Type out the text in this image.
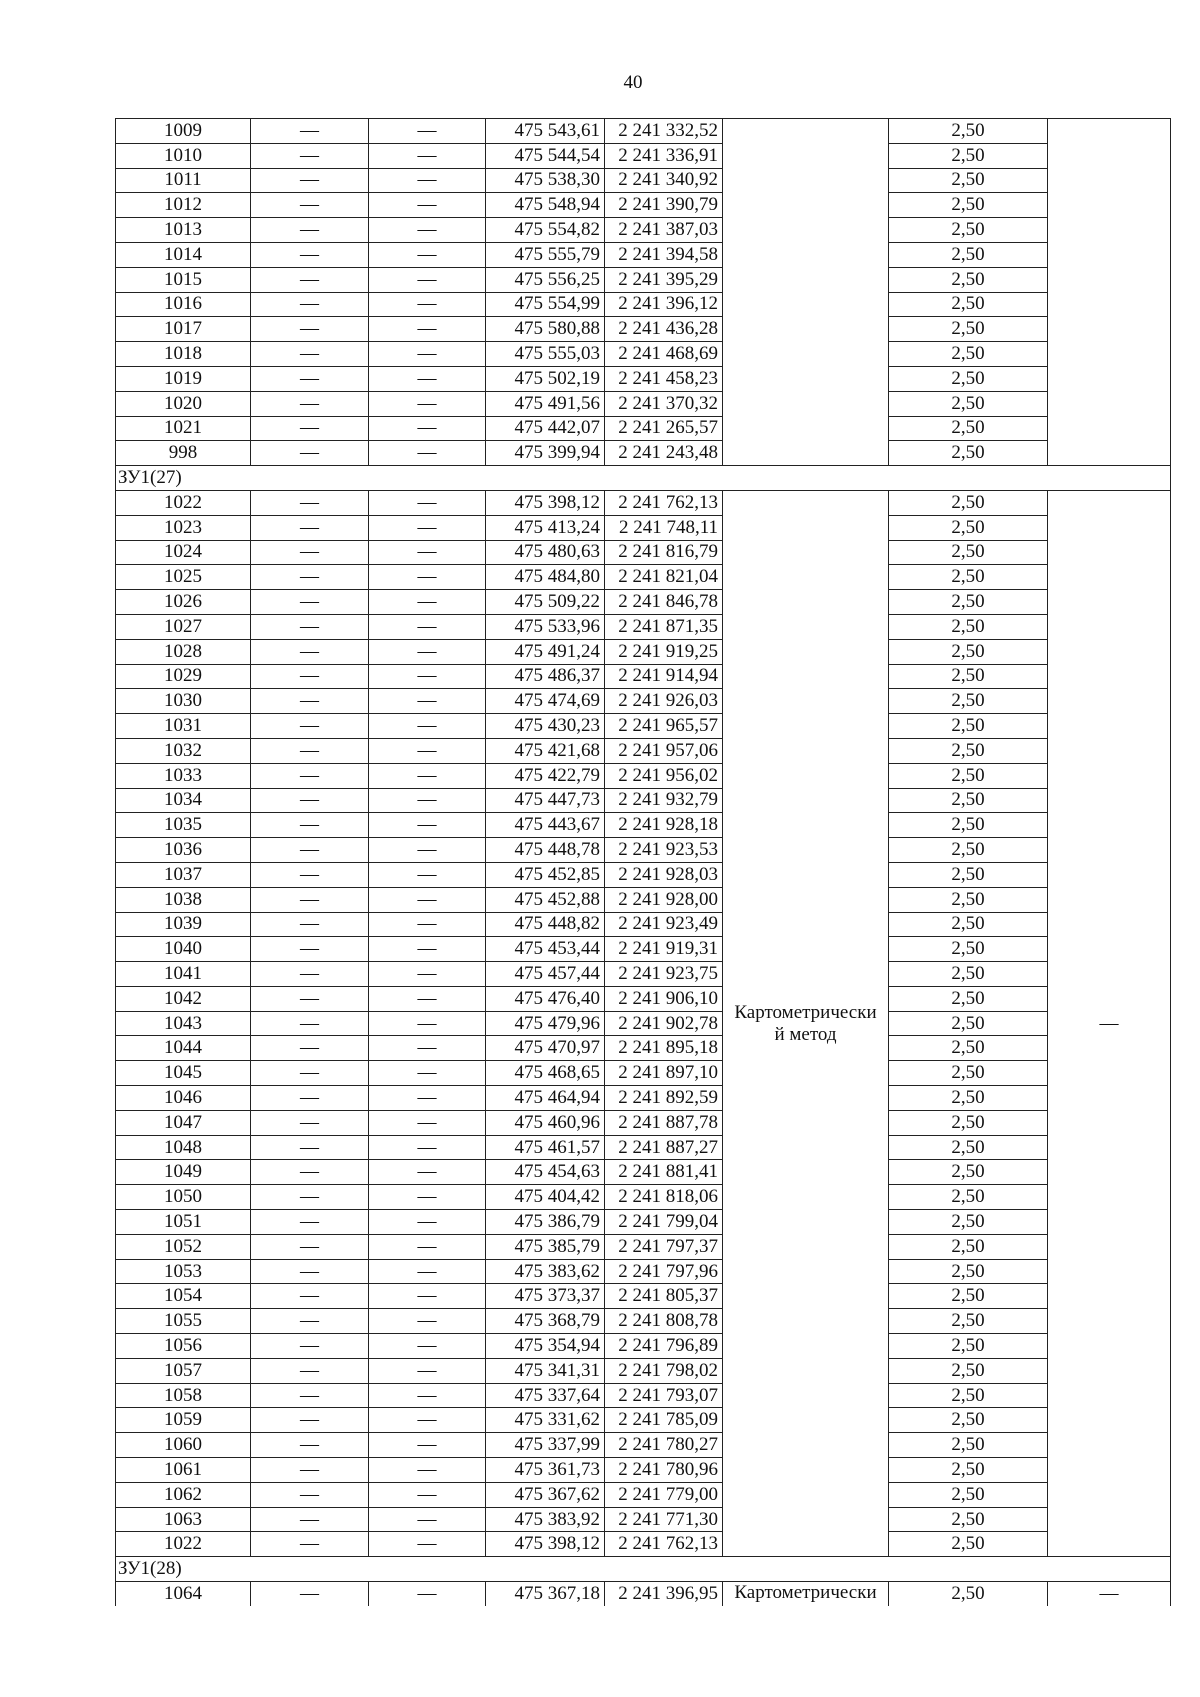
40
1009	—	—	475 543,61	2 241 332,52		2,50	
1010	—	—	475 544,54	2 241 336,91		2,50	
1011	—	—	475 538,30	2 241 340,92		2,50	
1012	—	—	475 548,94	2 241 390,79		2,50	
1013	—	—	475 554,82	2 241 387,03		2,50	
1014	—	—	475 555,79	2 241 394,58		2,50	
1015	—	—	475 556,25	2 241 395,29		2,50	
1016	—	—	475 554,99	2 241 396,12		2,50	
1017	—	—	475 580,88	2 241 436,28		2,50	
1018	—	—	475 555,03	2 241 468,69		2,50	
1019	—	—	475 502,19	2 241 458,23		2,50	
1020	—	—	475 491,56	2 241 370,32		2,50	
1021	—	—	475 442,07	2 241 265,57		2,50	
998	—	—	475 399,94	2 241 243,48		2,50	
ЗУ1(27)							
1022	—	—	475 398,12	2 241 762,13	Картометрически й метод	2,50	—
1023	—	—	475 413,24	2 241 748,11		2,50	
1024	—	—	475 480,63	2 241 816,79		2,50	
1025	—	—	475 484,80	2 241 821,04		2,50	
1026	—	—	475 509,22	2 241 846,78		2,50	
1027	—	—	475 533,96	2 241 871,35		2,50	
1028	—	—	475 491,24	2 241 919,25		2,50	
1029	—	—	475 486,37	2 241 914,94		2,50	
1030	—	—	475 474,69	2 241 926,03		2,50	
1031	—	—	475 430,23	2 241 965,57		2,50	
1032	—	—	475 421,68	2 241 957,06		2,50	
1033	—	—	475 422,79	2 241 956,02		2,50	
1034	—	—	475 447,73	2 241 932,79		2,50	
1035	—	—	475 443,67	2 241 928,18		2,50	
1036	—	—	475 448,78	2 241 923,53		2,50	
1037	—	—	475 452,85	2 241 928,03		2,50	
1038	—	—	475 452,88	2 241 928,00		2,50	
1039	—	—	475 448,82	2 241 923,49		2,50	
1040	—	—	475 453,44	2 241 919,31		2,50	
1041	—	—	475 457,44	2 241 923,75		2,50	
1042	—	—	475 476,40	2 241 906,10		2,50	
1043	—	—	475 479,96	2 241 902,78		2,50	
1044	—	—	475 470,97	2 241 895,18		2,50	
1045	—	—	475 468,65	2 241 897,10		2,50	
1046	—	—	475 464,94	2 241 892,59		2,50	
1047	—	—	475 460,96	2 241 887,78		2,50	
1048	—	—	475 461,57	2 241 887,27		2,50	
1049	—	—	475 454,63	2 241 881,41		2,50	
1050	—	—	475 404,42	2 241 818,06		2,50	
1051	—	—	475 386,79	2 241 799,04		2,50	
1052	—	—	475 385,79	2 241 797,37		2,50	
1053	—	—	475 383,62	2 241 797,96		2,50	
1054	—	—	475 373,37	2 241 805,37		2,50	
1055	—	—	475 368,79	2 241 808,78		2,50	
1056	—	—	475 354,94	2 241 796,89		2,50	
1057	—	—	475 341,31	2 241 798,02		2,50	
1058	—	—	475 337,64	2 241 793,07		2,50	
1059	—	—	475 331,62	2 241 785,09		2,50	
1060	—	—	475 337,99	2 241 780,27		2,50	
1061	—	—	475 361,73	2 241 780,96		2,50	
1062	—	—	475 367,62	2 241 779,00		2,50	
1063	—	—	475 383,92	2 241 771,30		2,50	
1022	—	—	475 398,12	2 241 762,13		2,50	
ЗУ1(28)							
1064	—	—	475 367,18	2 241 396,95	Картометрически	2,50	—
